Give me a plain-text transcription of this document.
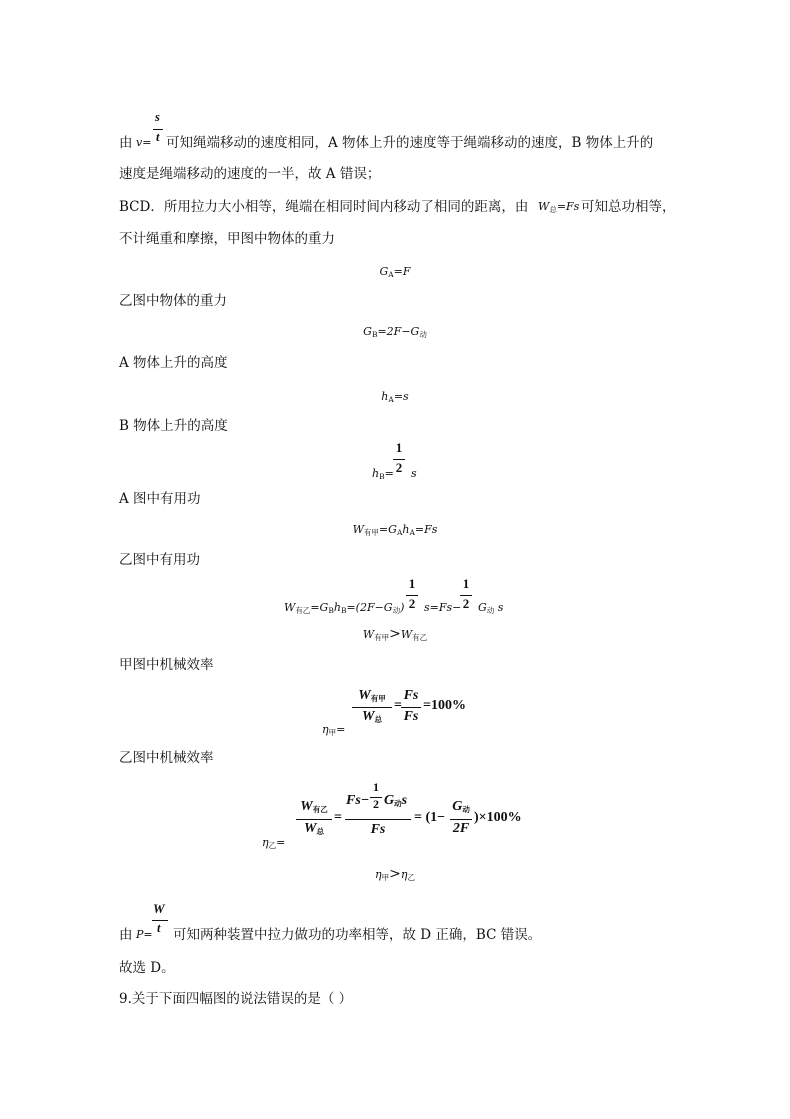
由 v=
s
t 可知绳端移动的速度相同，A 物体上升的速度等于绳端移动的速度，B 物体上升的
速度是绳端移动的速度的一半，故 A 错误；
BCD．所用拉力大小相等，绳端在相同时间内移动了相同的距离，由 $W_总=Fs$ 可知总功相等，
不计绳重和摩擦，甲图中物体的重力
$G_A=F$
乙图中物体的重力
$G_B=2F-G_动$
A 物体上升的高度
$h_A=s$
B 物体上升的高度
$h_B=$
1
2 s
A 图中有用功
$W_{有甲}=G_Ah_A=Fs$
乙图中有用功
$W_{有乙}=G_Bh_B=(2F-G_动)$
1
2 s=Fs−
1
2 $G_动$ s
$W_{有甲}>W_{有乙}$
甲图中机械效率
$\eta_甲=$
$W_{有甲}$
$W_总$
=
Fs
Fs
=100%
乙图中机械效率
$\eta_乙=$
$W_{有乙}$
$W_总$
=
Fs−
1
2 $G_动s$
Fs
= (1−
$G_动$
2F
)×100%
$\eta_甲>\eta_乙$
由 P=
W
t 可知两种装置中拉力做功的功率相等，故 D 正确，BC 错误。
故选 D。
9.关于下面四幅图的说法错误的是（ ）
